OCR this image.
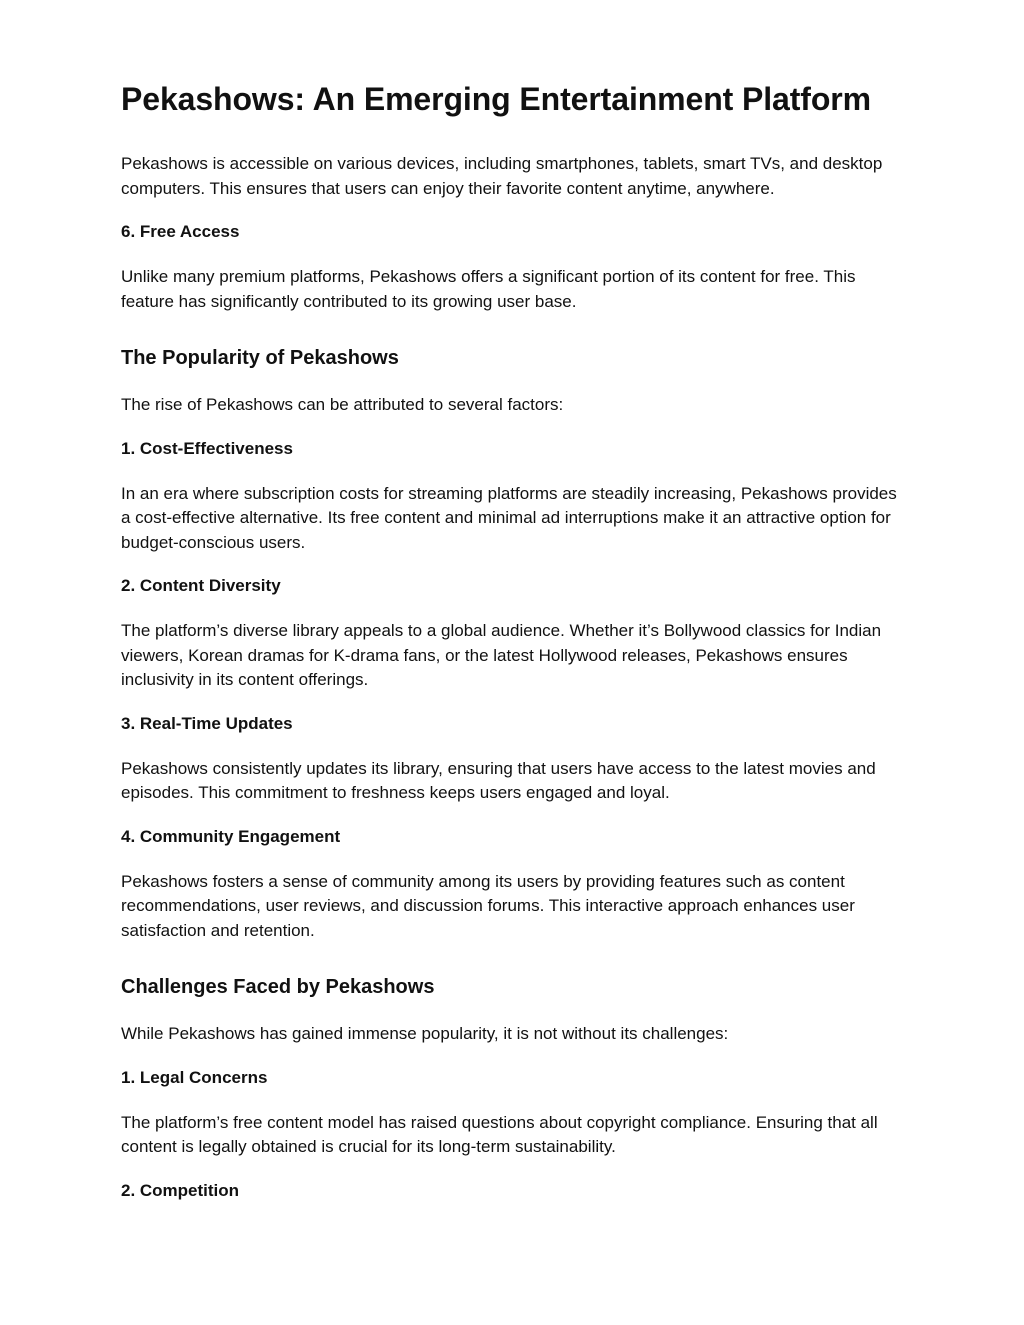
Pekashows: An Emerging Entertainment Platform

Pekashows is accessible on various devices, including smartphones, tablets, smart TVs, and desktop computers. This ensures that users can enjoy their favorite content anytime, anywhere.

6. Free Access

Unlike many premium platforms, Pekashows offers a significant portion of its content for free. This feature has significantly contributed to its growing user base.

The Popularity of Pekashows

The rise of Pekashows can be attributed to several factors:

1. Cost-Effectiveness

In an era where subscription costs for streaming platforms are steadily increasing, Pekashows provides a cost-effective alternative. Its free content and minimal ad interruptions make it an attractive option for budget-conscious users.

2. Content Diversity

The platform’s diverse library appeals to a global audience. Whether it’s Bollywood classics for Indian viewers, Korean dramas for K-drama fans, or the latest Hollywood releases, Pekashows ensures inclusivity in its content offerings.

3. Real-Time Updates

Pekashows consistently updates its library, ensuring that users have access to the latest movies and episodes. This commitment to freshness keeps users engaged and loyal.

4. Community Engagement

Pekashows fosters a sense of community among its users by providing features such as content recommendations, user reviews, and discussion forums. This interactive approach enhances user satisfaction and retention.

Challenges Faced by Pekashows

While Pekashows has gained immense popularity, it is not without its challenges:

1. Legal Concerns

The platform’s free content model has raised questions about copyright compliance. Ensuring that all content is legally obtained is crucial for its long-term sustainability.

2. Competition
